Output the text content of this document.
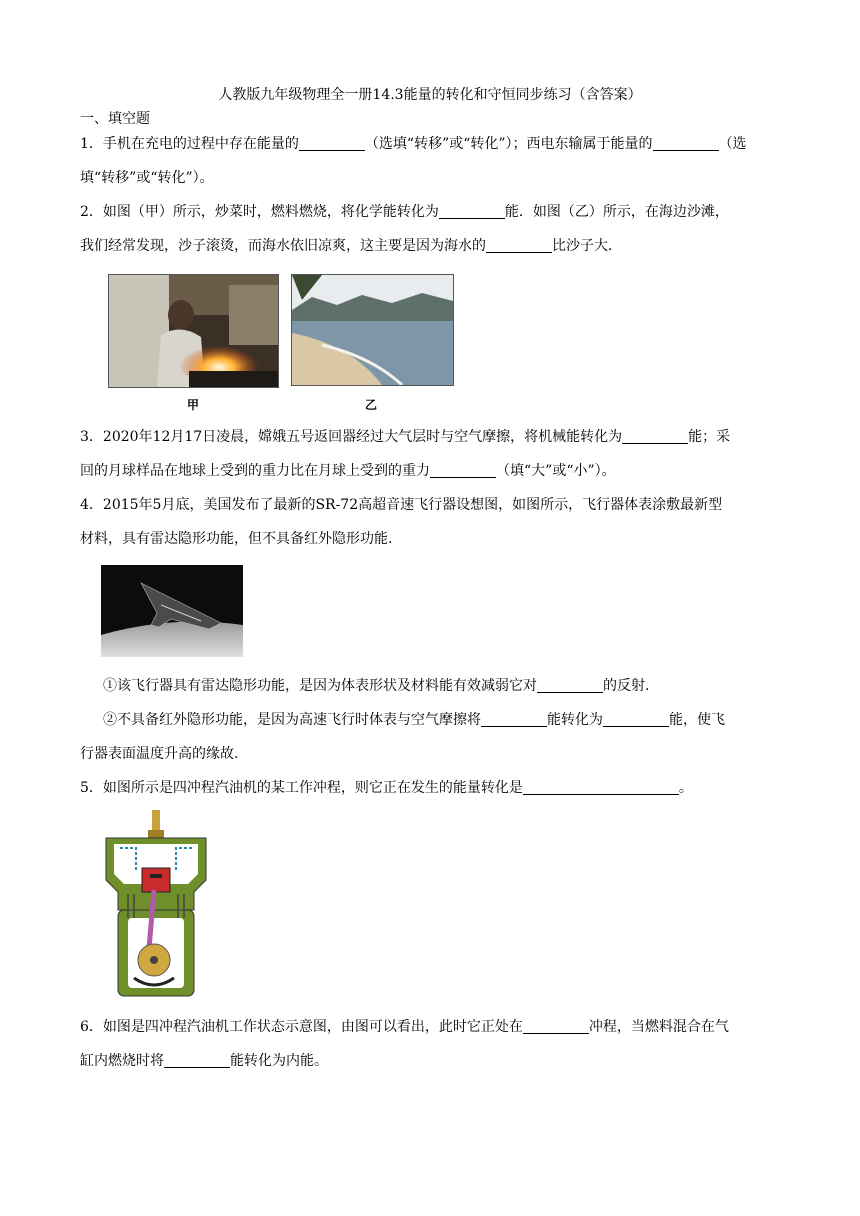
人教版九年级物理全一册14.3能量的转化和守恒同步练习（含答案）
一、填空题
1．手机在充电的过程中存在能量的	（选填“转移”或“转化”）；西电东输属于能量的	（选
填“转移”或“转化”）。
2．如图（甲）所示，炒菜时，燃料燃烧，将化学能转化为	能．如图（乙）所示，在海边沙滩，
我们经常发现，沙子滚烫，而海水依旧凉爽，这主要是因为海水的	比沙子大．
甲	乙
3．2020年12月17日凌晨，嫦娥五号返回器经过大气层时与空气摩擦，将机械能转化为	能；采
回的月球样品在地球上受到的重力比在月球上受到的重力	（填“大”或“小”）。
4．2015年5月底，美国发布了最新的SR-72高超音速飞行器设想图，如图所示，飞行器体表涂敷最新型
材料，具有雷达隐形功能，但不具备红外隐形功能.
①该飞行器具有雷达隐形功能，是因为体表形状及材料能有效减弱它对	的反射.
②不具备红外隐形功能，是因为高速飞行时体表与空气摩擦将	能转化为	能，使飞
行器表面温度升高的缘故.
5．如图所示是四冲程汽油机的某工作冲程，则它正在发生的能量转化是	。
6．如图是四冲程汽油机工作状态示意图，由图可以看出，此时它正处在	冲程，当燃料混合在气
缸内燃烧时将	能转化为内能。
